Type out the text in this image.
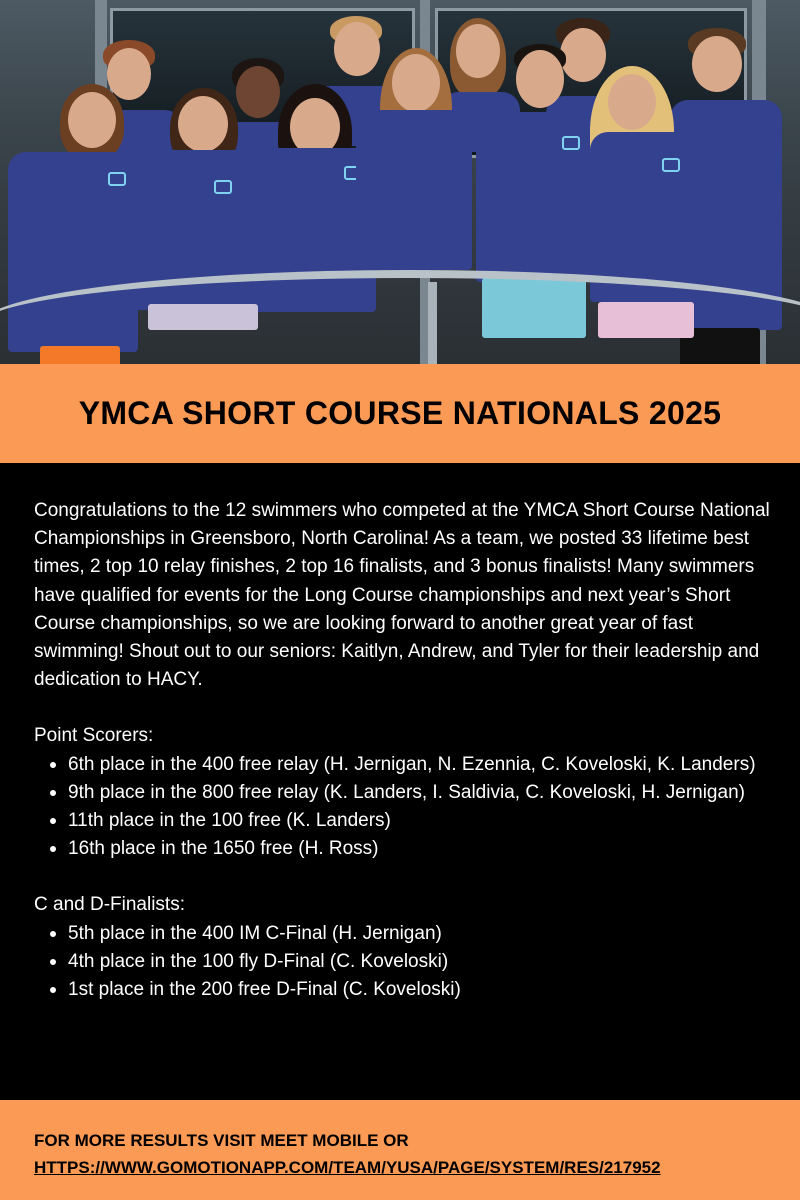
YMCA SHORT COURSE NATIONALS 2025

Congratulations to the 12 swimmers who competed at the YMCA Short Course National Championships in Greensboro, North Carolina! As a team, we posted 33 lifetime best times, 2 top 10 relay finishes, 2 top 16 finalists, and 3 bonus finalists! Many swimmers have qualified for events for the Long Course championships and next year’s Short Course championships, so we are looking forward to another great year of fast swimming! Shout out to our seniors: Kaitlyn, Andrew, and Tyler for their leadership and dedication to HACY.

Point Scorers:
6th place in the 400 free relay (H. Jernigan, N. Ezennia, C. Koveloski, K. Landers)
9th place in the 800 free relay (K. Landers, I. Saldivia, C. Koveloski, H. Jernigan)
11th place in the 100 free (K. Landers)
16th place in the 1650 free (H. Ross)
C and D-Finalists:
5th place in the 400 IM C-Final (H. Jernigan)
4th place in the 100 fly D-Final (C. Koveloski)
1st place in the 200 free D-Final (C. Koveloski)
FOR MORE RESULTS VISIT MEET MOBILE OR
HTTPS://WWW.GOMOTIONAPP.COM/TEAM/YUSA/PAGE/SYSTEM/RES/217952
